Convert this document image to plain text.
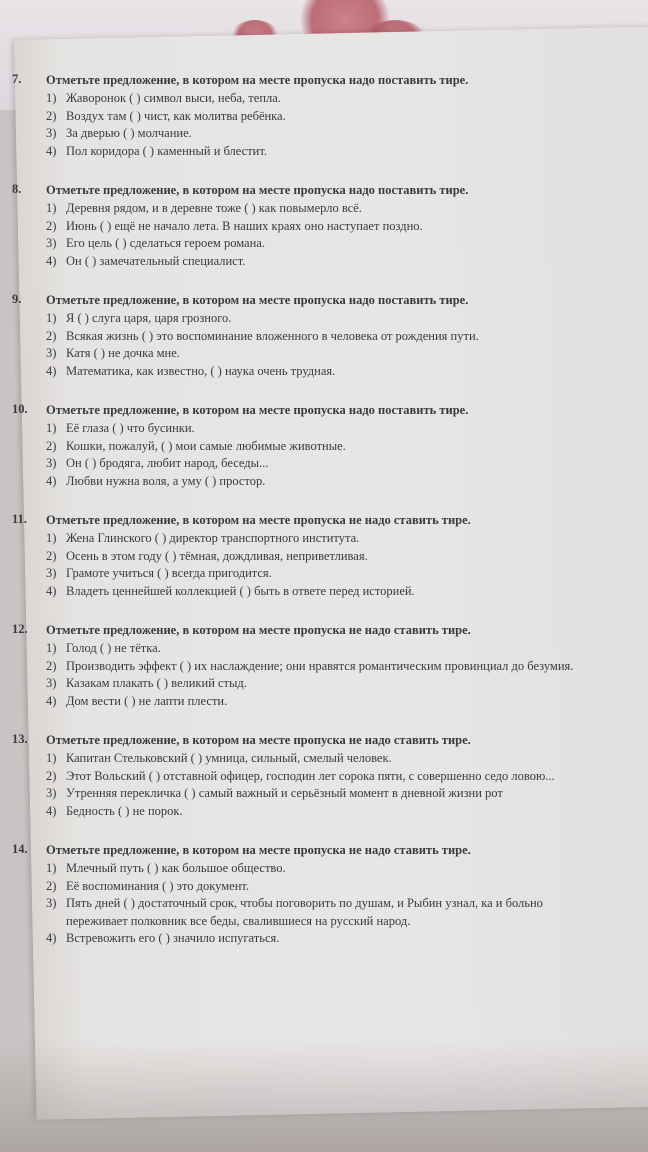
7.	Отметьте предложение, в котором на месте пропуска надо поставить тире.
1) Жаворонок ( ) символ выси, неба, тепла.
2) Воздух там ( ) чист, как молитва ребёнка.
3) За дверью ( ) молчание.
4) Пол коридора ( ) каменный и блестит.
8.	Отметьте предложение, в котором на месте пропуска надо поставить тире.
1) Деревня рядом, и в деревне тоже ( ) как повымерло всё.
2) Июнь ( ) ещё не начало лета. В наших краях оно наступает поздно.
3) Его цель ( ) сделаться героем романа.
4) Он ( ) замечательный специалист.
9.	Отметьте предложение, в котором на месте пропуска надо поставить тире.
1) Я ( ) слуга царя, царя грозного.
2) Всякая жизнь ( ) это воспоминание вложенного в человека от рождения пути.
3) Катя ( ) не дочка мне.
4) Математика, как известно, ( ) наука очень трудная.
10.	Отметьте предложение, в котором на месте пропуска надо поставить тире.
1) Её глаза ( ) что бусинки.
2) Кошки, пожалуй, ( ) мои самые любимые животные.
3) Он ( ) бродяга, любит народ, беседы...
4) Любви нужна воля, а уму ( ) простор.
11.	Отметьте предложение, в котором на месте пропуска не надо ставить тире.
1) Жена Глинского ( ) директор транспортного института.
2) Осень в этом году ( ) тёмная, дождливая, неприветливая.
3) Грамоте учиться ( ) всегда пригодится.
4) Владеть ценнейшей коллекцией ( ) быть в ответе перед историей.
12.	Отметьте предложение, в котором на месте пропуска не надо ставить тире.
1) Голод ( ) не тётка.
2) Производить эффект ( ) их наслаждение; они нравятся романтическим провинциал до безумия.
3) Казакам плакать ( ) великий стыд.
4) Дом вести ( ) не лапти плести.
13.	Отметьте предложение, в котором на месте пропуска не надо ставить тире.
1) Капитан Стельковский ( ) умница, сильный, смелый человек.
2) Этот Вольский ( ) отставной офицер, господин лет сорока пяти, с совершенно седо ловою...
3) Утренняя перекличка ( ) самый важный и серьёзный момент в дневной жизни рот
4) Бедность ( ) не порок.
14.	Отметьте предложение, в котором на месте пропуска не надо ставить тире.
1) Млечный путь ( ) как большое общество.
2) Её воспоминания ( ) это документ.
3) Пять дней ( ) достаточный срок, чтобы поговорить по душам, и Рыбин узнал, ка и больно переживает полковник все беды, свалившиеся на русский народ.
4) Встревожить его ( ) значило испугаться.
